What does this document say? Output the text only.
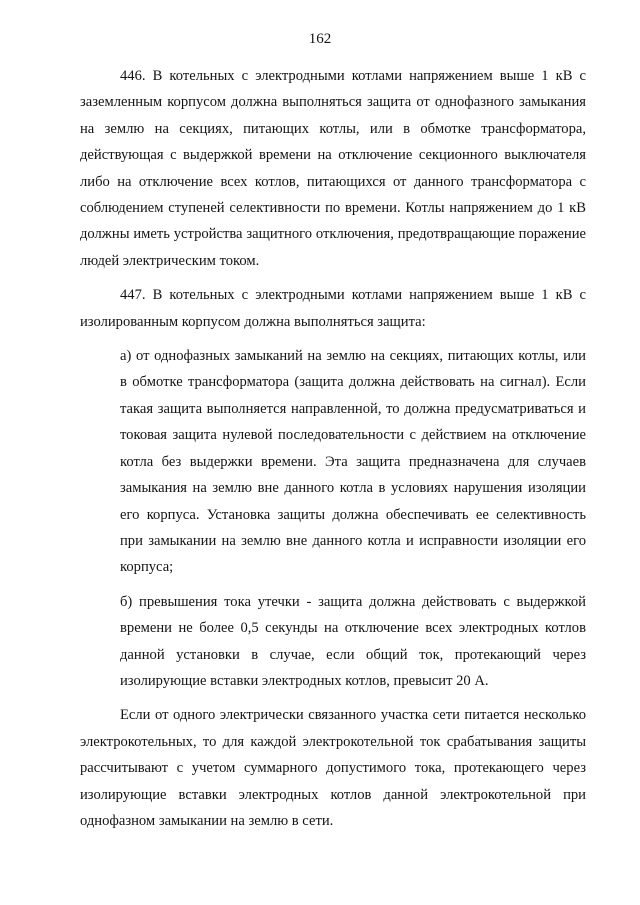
162

446. В котельных с электродными котлами напряжением выше 1 кВ с заземленным корпусом должна выполняться защита от однофазного замыкания на землю на секциях, питающих котлы, или в обмотке трансформатора, действующая с выдержкой времени на отключение секционного выключателя либо на отключение всех котлов, питающихся от данного трансформатора с соблюдением ступеней селективности по времени. Котлы напряжением до 1 кВ должны иметь устройства защитного отключения, предотвращающие поражение людей электрическим током.

447. В котельных с электродными котлами напряжением выше 1 кВ с изолированным корпусом должна выполняться защита:

а) от однофазных замыканий на землю на секциях, питающих котлы, или в обмотке трансформатора (защита должна действовать на сигнал). Если такая защита выполняется направленной, то должна предусматриваться и токовая защита нулевой последовательности с действием на отключение котла без выдержки времени. Эта защита предназначена для случаев замыкания на землю вне данного котла в условиях нарушения изоляции его корпуса. Установка защиты должна обеспечивать ее селективность при замыкании на землю вне данного котла и исправности изоляции его корпуса;

б) превышения тока утечки - защита должна действовать с выдержкой времени не более 0,5 секунды на отключение всех электродных котлов данной установки в случае, если общий ток, протекающий через изолирующие вставки электродных котлов, превысит 20 А.

Если от одного электрически связанного участка сети питается несколько электрокотельных, то для каждой электрокотельной ток срабатывания защиты рассчитывают с учетом суммарного допустимого тока, протекающего через изолирующие вставки электродных котлов данной электрокотельной при однофазном замыкании на землю в сети.
